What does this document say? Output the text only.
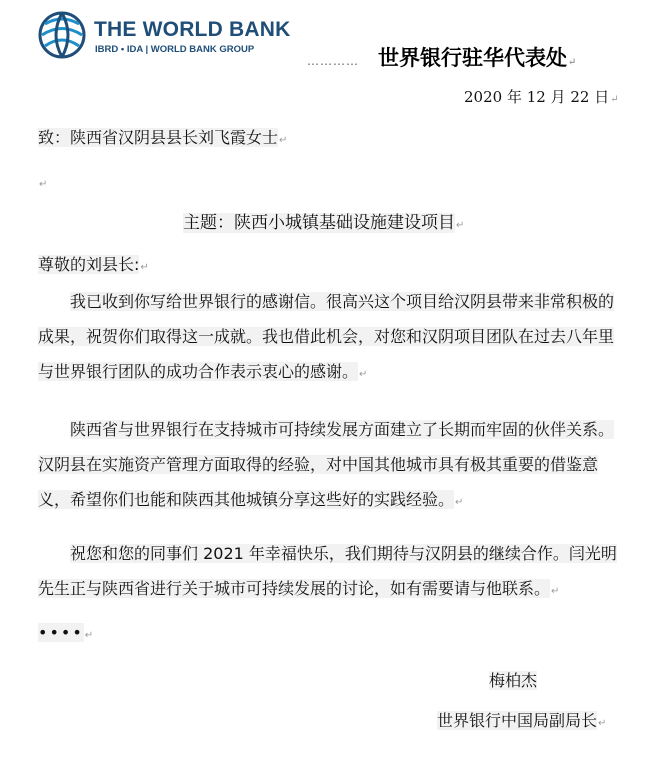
THE WORLD BANK
IBRD • IDA | WORLD BANK GROUP
………… 世界银行驻华代表处↵
2020 年 12 月 22 日↵
致：陕西省汉阴县县长刘飞霞女士↵
↵
主题：陕西小城镇基础设施建设项目↵
尊敬的刘县长:↵

我已收到你写给世界银行的感谢信。很高兴这个项目给汉阴县带来非常积极的成果，祝贺你们取得这一成就。我也借此机会，对您和汉阴项目团队在过去八年里与世界银行团队的成功合作表示衷心的感谢。↵

陕西省与世界银行在支持城市可持续发展方面建立了长期而牢固的伙伴关系。汉阴县在实施资产管理方面取得的经验，对中国其他城市具有极其重要的借鉴意义，希望你们也能和陕西其他城镇分享这些好的实践经验。↵

祝您和您的同事们 2021 年幸福快乐，我们期待与汉阴县的继续合作。闫光明先生正与陕西省进行关于城市可持续发展的讨论，如有需要请与他联系。↵

••••↵
梅柏杰
世界银行中国局副局长↵
